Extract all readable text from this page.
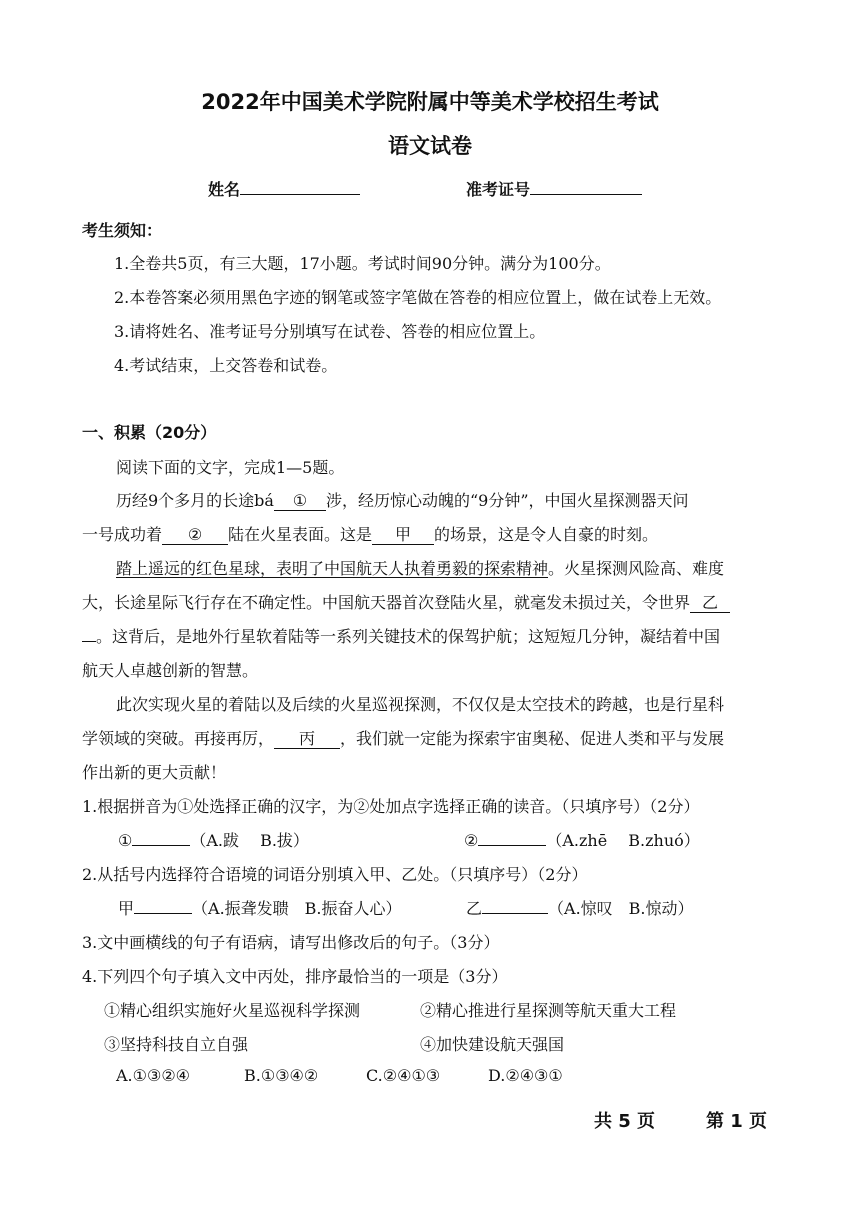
2022年中国美术学院附属中等美术学校招生考试
语文试卷
姓名	准考证号
考生须知：
1.全卷共5页，有三大题，17小题。考试时间90分钟。满分为100分。
2.本卷答案必须用黑色字迹的钢笔或签字笔做在答卷的相应位置上，做在试卷上无效。
3.请将姓名、准考证号分别填写在试卷、答卷的相应位置上。
4.考试结束，上交答卷和试卷。
一、积累（20分）
阅读下面的文字，完成1—5题。
历经9个多月的长途bá ① 涉，经历惊心动魄的“9分钟”，中国火星探测器天问
一号成功着 ② 陆在火星表面。这是 甲 的场景，这是令人自豪的时刻。
踏上遥远的红色星球，表明了中国航天人执着勇毅的探索精神。火星探测风险高、难度
大，长途星际飞行存在不确定性。中国航天器首次登陆火星，就毫发未损过关，令世界 乙
。这背后，是地外行星软着陆等一系列关键技术的保驾护航；这短短几分钟，凝结着中国
航天人卓越创新的智慧。
此次实现火星的着陆以及后续的火星巡视探测，不仅仅是太空技术的跨越，也是行星科
学领域的突破。再接再厉， 丙 ，我们就一定能为探索宇宙奥秘、促进人类和平与发展
作出新的更大贡献！
1.根据拼音为①处选择正确的汉字，为②处加点字选择正确的读音。（只填序号）（2分）
①	（A.跋　 B.拔）	②	（A.zhē　 B.zhuó）
2.从括号内选择符合语境的词语分别填入甲、乙处。（只填序号）（2分）
甲	（A.振聋发聩　B.振奋人心）	乙	（A.惊叹　B.惊动）
3.文中画横线的句子有语病，请写出修改后的句子。（3分）
4.下列四个句子填入文中丙处，排序最恰当的一项是（3分）
①精心组织实施好火星巡视科学探测	②精心推进行星探测等航天重大工程
③坚持科技自立自强	④加快建设航天强国
A.①③②④	B.①③④②	C.②④①③	D.②④③①
共 5 页	第 1 页
